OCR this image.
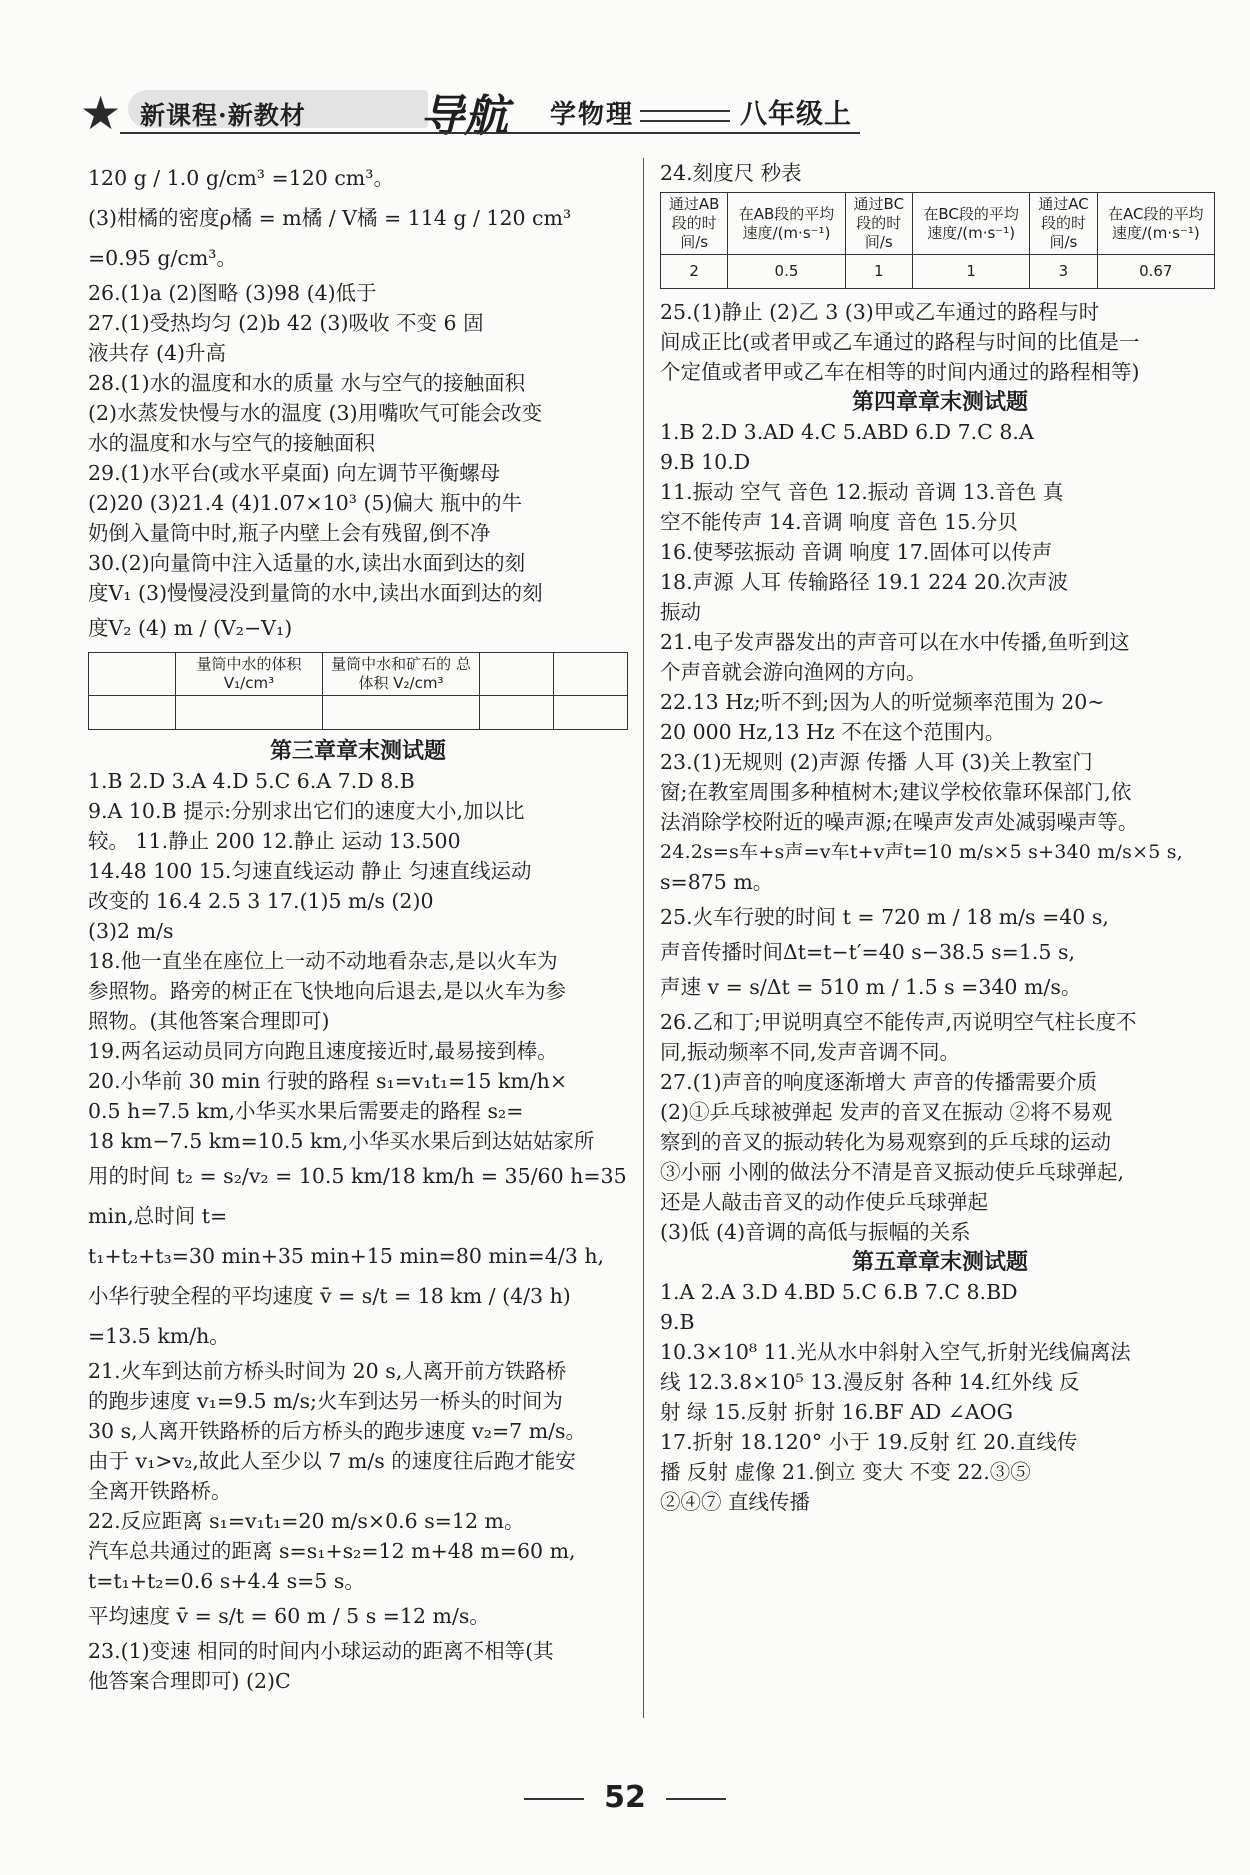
★ 新课程·新教材	导航 学物理	八年级上

120 g / 1.0 g/cm³ =120 cm³。

(3)柑橘的密度ρ橘 = m橘 / V橘 = 114 g / 120 cm³ =0.95 g/cm³。

26.(1)a (2)图略 (3)98 (4)低于

27.(1)受热均匀 (2)b 42 (3)吸收 不变 6 固

液共存 (4)升高

28.(1)水的温度和水的质量 水与空气的接触面积

(2)水蒸发快慢与水的温度 (3)用嘴吹气可能会改变

水的温度和水与空气的接触面积

29.(1)水平台(或水平桌面) 向左调节平衡螺母

(2)20 (3)21.4 (4)1.07×10³ (5)偏大 瓶中的牛

奶倒入量筒中时,瓶子内壁上会有残留,倒不净

30.(2)向量筒中注入适量的水,读出水面到达的刻

度V₁ (3)慢慢浸没到量筒的水中,读出水面到达的刻

度V₂ (4) m / (V₂−V₁)

	量筒中水的体积 V₁/cm³	量筒中水和矿石的 总体积 V₂/cm³		

第三章章末测试题

1.B 2.D 3.A 4.D 5.C 6.A 7.D 8.B

9.A 10.B 提示:分别求出它们的速度大小,加以比

较。 11.静止 200 12.静止 运动 13.500

14.48 100 15.匀速直线运动 静止 匀速直线运动

改变的 16.4 2.5 3 17.(1)5 m/s (2)0

(3)2 m/s

18.他一直坐在座位上一动不动地看杂志,是以火车为

参照物。路旁的树正在飞快地向后退去,是以火车为参

照物。(其他答案合理即可)

19.两名运动员同方向跑且速度接近时,最易接到棒。

20.小华前 30 min 行驶的路程 s₁=v₁t₁=15 km/h×

0.5 h=7.5 km,小华买水果后需要走的路程 s₂=

18 km−7.5 km=10.5 km,小华买水果后到达姑姑家所

用的时间 t₂ = s₂/v₂ = 10.5 km/18 km/h = 35/60 h=35 min,总时间 t=

t₁+t₂+t₃=30 min+35 min+15 min=80 min=4/3 h,

小华行驶全程的平均速度 v̄ = s/t = 18 km / (4/3 h) =13.5 km/h。

21.火车到达前方桥头时间为 20 s,人离开前方铁路桥

的跑步速度 v₁=9.5 m/s;火车到达另一桥头的时间为

30 s,人离开铁路桥的后方桥头的跑步速度 v₂=7 m/s。

由于 v₁>v₂,故此人至少以 7 m/s 的速度往后跑才能安

全离开铁路桥。

22.反应距离 s₁=v₁t₁=20 m/s×0.6 s=12 m。

汽车总共通过的距离 s=s₁+s₂=12 m+48 m=60 m,

t=t₁+t₂=0.6 s+4.4 s=5 s。

平均速度 v̄ = s/t = 60 m / 5 s =12 m/s。

23.(1)变速 相同的时间内小球运动的距离不相等(其

他答案合理即可) (2)C

24.刻度尺 秒表

通过AB段的时间/s	在AB段的平均速度/(m·s⁻¹)	通过BC段的时间/s	在BC段的平均速度/(m·s⁻¹)	通过AC段的时间/s	在AC段的平均速度/(m·s⁻¹)
2	0.5	1	1	3	0.67

25.(1)静止 (2)乙 3 (3)甲或乙车通过的路程与时

间成正比(或者甲或乙车通过的路程与时间的比值是一

个定值或者甲或乙车在相等的时间内通过的路程相等)

第四章章末测试题

1.B 2.D 3.AD 4.C 5.ABD 6.D 7.C 8.A

9.B 10.D

11.振动 空气 音色 12.振动 音调 13.音色 真

空不能传声 14.音调 响度 音色 15.分贝

16.使琴弦振动 音调 响度 17.固体可以传声

18.声源 人耳 传输路径 19.1 224 20.次声波

振动

21.电子发声器发出的声音可以在水中传播,鱼听到这

个声音就会游向渔网的方向。

22.13 Hz;听不到;因为人的听觉频率范围为 20~

20 000 Hz,13 Hz 不在这个范围内。

23.(1)无规则 (2)声源 传播 人耳 (3)关上教室门

窗;在教室周围多种植树木;建议学校依靠环保部门,依

法消除学校附近的噪声源;在噪声发声处减弱噪声等。

24.2s=s车+s声=v车t+v声t=10 m/s×5 s+340 m/s×5 s,

s=875 m。

25.火车行驶的时间 t = 720 m / 18 m/s =40 s,

声音传播时间Δt=t−t′=40 s−38.5 s=1.5 s,

声速 v = s/Δt = 510 m / 1.5 s =340 m/s。

26.乙和丁;甲说明真空不能传声,丙说明空气柱长度不

同,振动频率不同,发声音调不同。

27.(1)声音的响度逐渐增大 声音的传播需要介质

(2)①乒乓球被弹起 发声的音叉在振动 ②将不易观

察到的音叉的振动转化为易观察到的乒乓球的运动

③小丽 小刚的做法分不清是音叉振动使乒乓球弹起,

还是人敲击音叉的动作使乒乓球弹起

(3)低 (4)音调的高低与振幅的关系

第五章章末测试题

1.A 2.A 3.D 4.BD 5.C 6.B 7.C 8.BD

9.B

10.3×10⁸ 11.光从水中斜射入空气,折射光线偏离法

线 12.3.8×10⁵ 13.漫反射 各种 14.红外线 反

射 绿 15.反射 折射 16.BF AD ∠AOG

17.折射 18.120° 小于 19.反射 红 20.直线传

播 反射 虚像 21.倒立 变大 不变 22.③⑤

②④⑦ 直线传播

52
